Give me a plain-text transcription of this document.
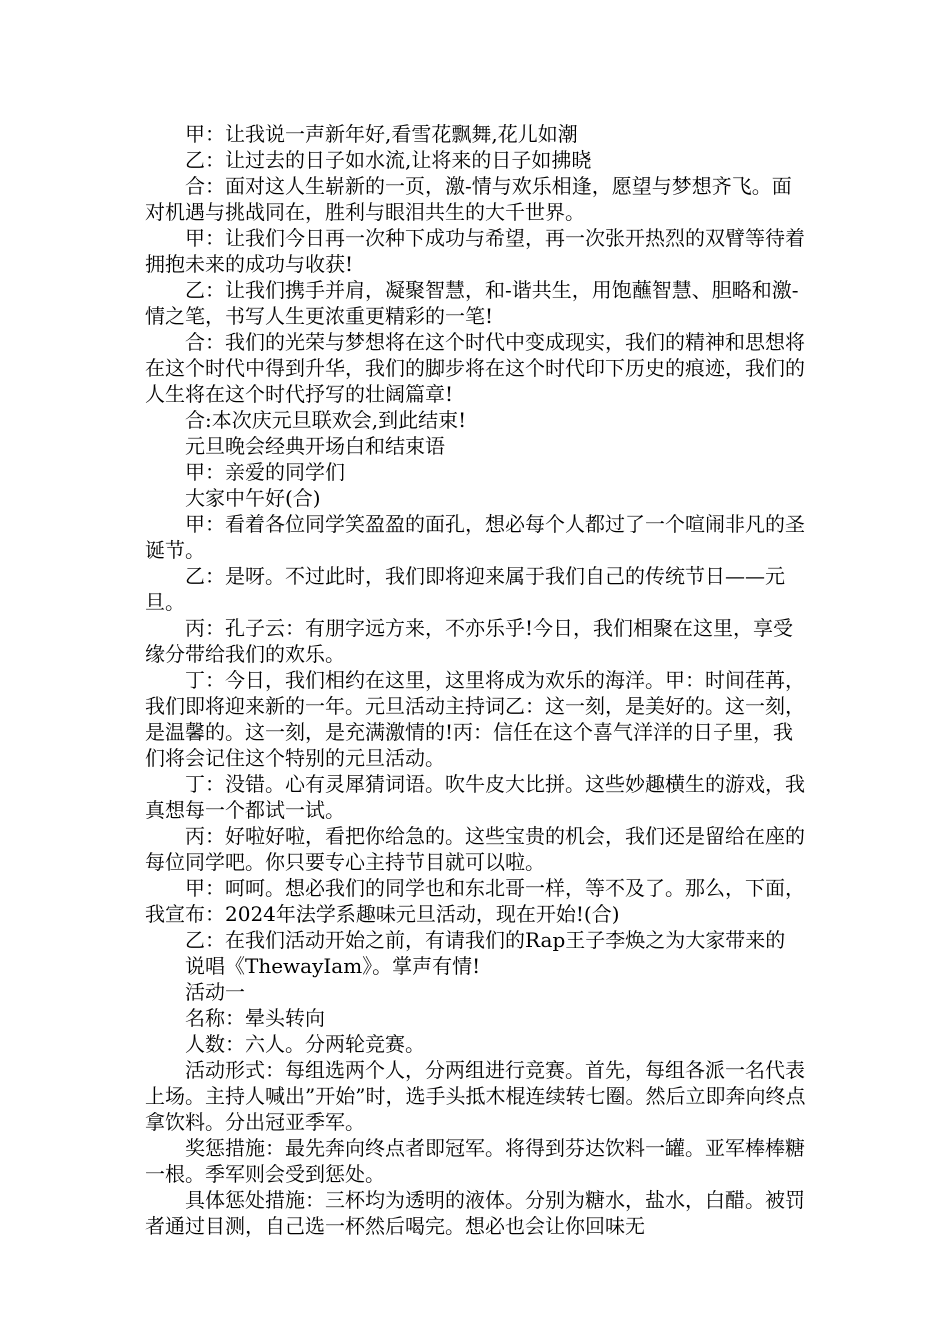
甲：让我说一声新年好,看雪花飘舞,花儿如潮

乙：让过去的日子如水流,让将来的日子如拂晓

合：面对这人生崭新的一页，激-情与欢乐相逢，愿望与梦想齐飞。面对机遇与挑战同在，胜利与眼泪共生的大千世界。

甲：让我们今日再一次种下成功与希望，再一次张开热烈的双臂等待着拥抱未来的成功与收获!

乙：让我们携手并肩，凝聚智慧，和-谐共生，用饱蘸智慧、胆略和激-情之笔，书写人生更浓重更精彩的一笔!

合：我们的光荣与梦想将在这个时代中变成现实，我们的精神和思想将在这个时代中得到升华，我们的脚步将在这个时代印下历史的痕迹，我们的人生将在这个时代抒写的壮阔篇章!

合:本次庆元旦联欢会,到此结束!

元旦晚会经典开场白和结束语

甲：亲爱的同学们

大家中午好(合)

甲：看着各位同学笑盈盈的面孔，想必每个人都过了一个喧闹非凡的圣诞节。

乙：是呀。不过此时，我们即将迎来属于我们自己的传统节日——元旦。

丙：孔子云：有朋字远方来，不亦乐乎!今日，我们相聚在这里，享受缘分带给我们的欢乐。

丁：今日，我们相约在这里，这里将成为欢乐的海洋。甲：时间荏苒，我们即将迎来新的一年。元旦活动主持词乙：这一刻，是美好的。这一刻，是温馨的。这一刻，是充满激情的!丙：信任在这个喜气洋洋的日子里，我们将会记住这个特别的元旦活动。

丁：没错。心有灵犀猜词语。吹牛皮大比拼。这些妙趣横生的游戏，我真想每一个都试一试。

丙：好啦好啦，看把你给急的。这些宝贵的机会，我们还是留给在座的每位同学吧。你只要专心主持节目就可以啦。

甲：呵呵。想必我们的同学也和东北哥一样，等不及了。那么，下面，我宣布：2024年法学系趣味元旦活动，现在开始!(合)

乙：在我们活动开始之前，有请我们的Rap王子李焕之为大家带来的

说唱《ThewayIam》。掌声有情!

活动一

名称：晕头转向

人数：六人。分两轮竞赛。

活动形式：每组选两个人，分两组进行竞赛。首先，每组各派一名代表上场。主持人喊出”开始”时，选手头抵木棍连续转七圈。然后立即奔向终点拿饮料。分出冠亚季军。

奖惩措施：最先奔向终点者即冠军。将得到芬达饮料一罐。亚军棒棒糖一根。季军则会受到惩处。

具体惩处措施：三杯均为透明的液体。分别为糖水，盐水，白醋。被罚者通过目测，自己选一杯然后喝完。想必也会让你回味无
